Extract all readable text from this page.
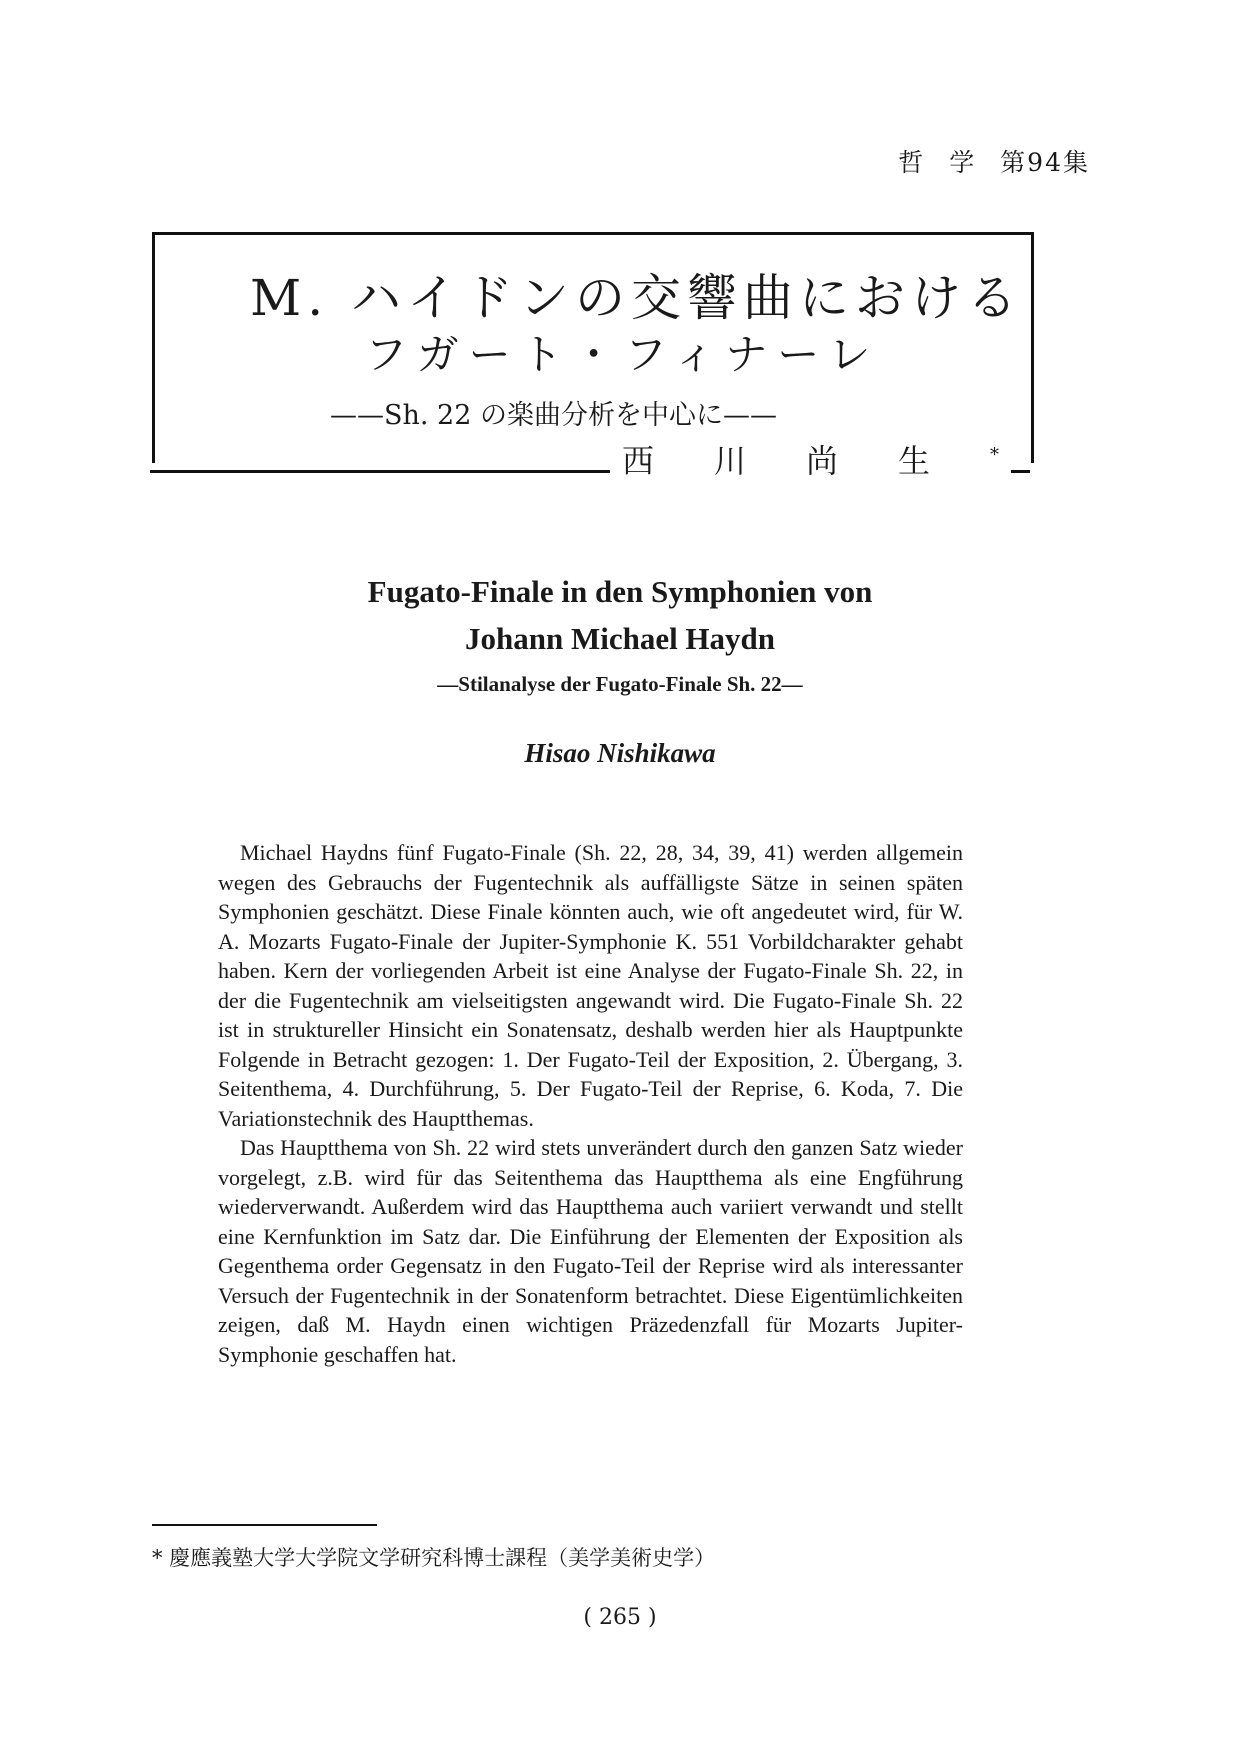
哲 学 第94集
M. ハイドンの交響曲における
フガート・フィナーレ
——Sh. 22 の楽曲分析を中心に——
西川尚生*
Fugato-Finale in den Symphonien von
Johann Michael Haydn
—Stilanalyse der Fugato-Finale Sh. 22—
Hisao Nishikawa

Michael Haydns fünf Fugato-Finale (Sh. 22, 28, 34, 39, 41) werden allgemein wegen des Gebrauchs der Fugentechnik als auffälligste Sätze in seinen späten Symphonien geschätzt. Diese Finale könnten auch, wie oft angedeutet wird, für W. A. Mozarts Fugato-Finale der Jupiter-Symphonie K. 551 Vorbildcharakter gehabt haben. Kern der vorliegenden Arbeit ist eine Analyse der Fugato-Finale Sh. 22, in der die Fugentechnik am vielseitigsten angewandt wird. Die Fugato-Finale Sh. 22 ist in struktureller Hinsicht ein Sonatensatz, deshalb werden hier als Hauptpunkte Folgende in Betracht gezogen: 1. Der Fugato-Teil der Exposition, 2. Übergang, 3. Seitenthema, 4. Durchführung, 5. Der Fugato-Teil der Reprise, 6. Koda, 7. Die Variationstechnik des Hauptthemas.

Das Hauptthema von Sh. 22 wird stets unverändert durch den ganzen Satz wieder vorgelegt, z.B. wird für das Seitenthema das Hauptthema als eine Engführung wiederverwandt. Außerdem wird das Hauptthema auch variiert verwandt und stellt eine Kernfunktion im Satz dar. Die Einführung der Elementen der Exposition als Gegenthema order Gegensatz in den Fugato-Teil der Reprise wird als interessanter Versuch der Fugentechnik in der Sonatenform betrachtet. Diese Eigentümlichkeiten zeigen, daß M. Haydn einen wichtigen Präzedenzfall für Mozarts Jupiter-Symphonie geschaffen hat.

* 慶應義塾大学大学院文学研究科博士課程（美学美術史学）
( 265 )
